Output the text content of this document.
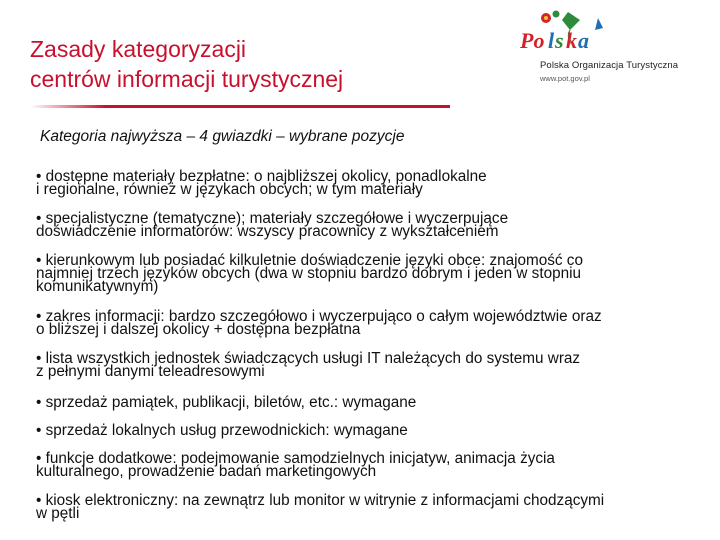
Zasady kategoryzacji
centrów informacji turystycznej
Po l s k a
Polska Organizacja Turystyczna
www.pot.gov.pl
Kategoria najwyższa – 4 gwiazdki – wybrane pozycje
• dostępne materiały bezpłatne: o najbliższej okolicy, ponadlokalne
i regionalne, również w językach obcych; w tym materiały
• specjalistyczne (tematyczne); materiały szczegółowe i wyczerpujące
doświadczenie informatorów: wszyscy pracownicy z wykształceniem
• kierunkowym lub posiadać kilkuletnie doświadczenie języki obce: znajomość co
najmniej trzech języków obcych (dwa w stopniu bardzo dobrym i jeden w stopniu
komunikatywnym)
• zakres informacji: bardzo szczegółowo i wyczerpująco o całym województwie oraz
o bliższej i dalszej okolicy + dostępna bezpłatna
• lista wszystkich jednostek świadczących usługi IT należących do systemu wraz
z pełnymi danymi teleadresowymi
• sprzedaż pamiątek, publikacji, biletów, etc.: wymagane
• sprzedaż lokalnych usług przewodnickich: wymagane
• funkcje dodatkowe: podejmowanie samodzielnych inicjatyw, animacja życia
kulturalnego, prowadzenie badań marketingowych
• kiosk elektroniczny: na zewnątrz lub monitor w witrynie z informacjami chodzącymi
w pętli
